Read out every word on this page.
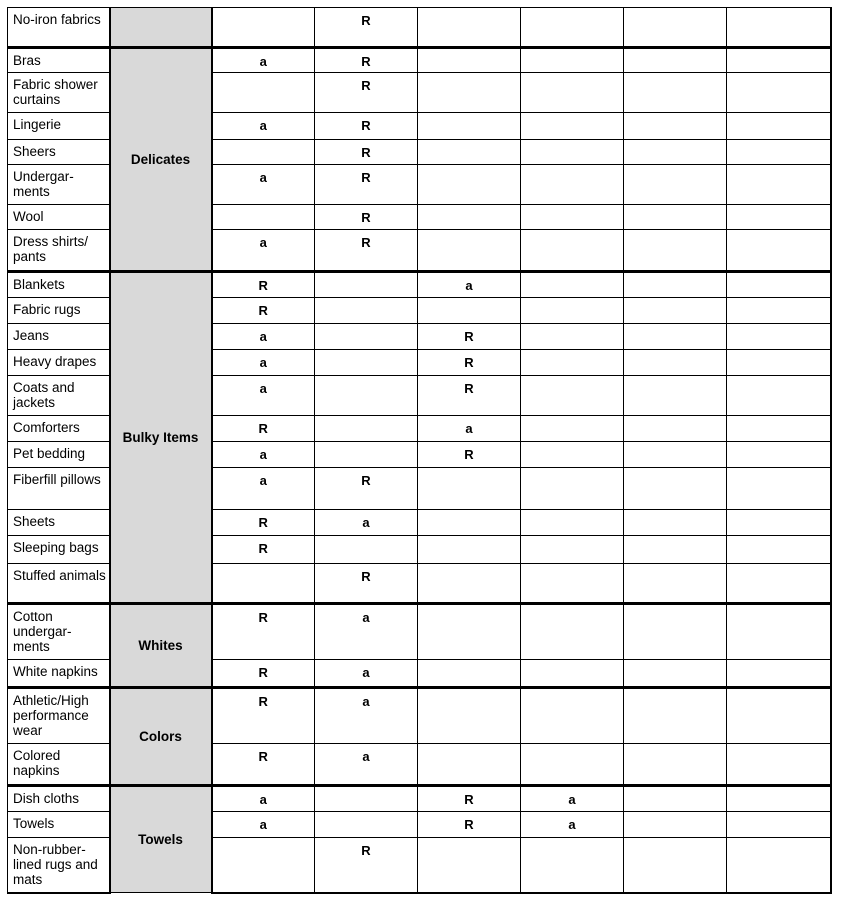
No-iron fabrics			R				
Bras	Delicates	a	R				
Fabric shower curtains			R				
Lingerie		a	R				
Sheers			R				
Undergar-
ments		a	R				
Wool			R				
Dress shirts/
pants		a	R				
Blankets	Bulky Items	R		a			
Fabric rugs		R					
Jeans		a		R			
Heavy drapes		a		R			
Coats and jackets		a		R			
Comforters		R		a			
Pet bedding		a		R			
Fiberfill pillows		a	R				
Sheets		R	a				
Sleeping bags		R					
Stuffed animals			R				
Cotton undergar-
ments	Whites	R	a				
White napkins		R	a				
Athletic/High performance wear	Colors	R	a				
Colored napkins		R	a				
Dish cloths	Towels	a		R	a		
Towels		a		R	a		
Non-rubber-lined rugs and mats			R				
